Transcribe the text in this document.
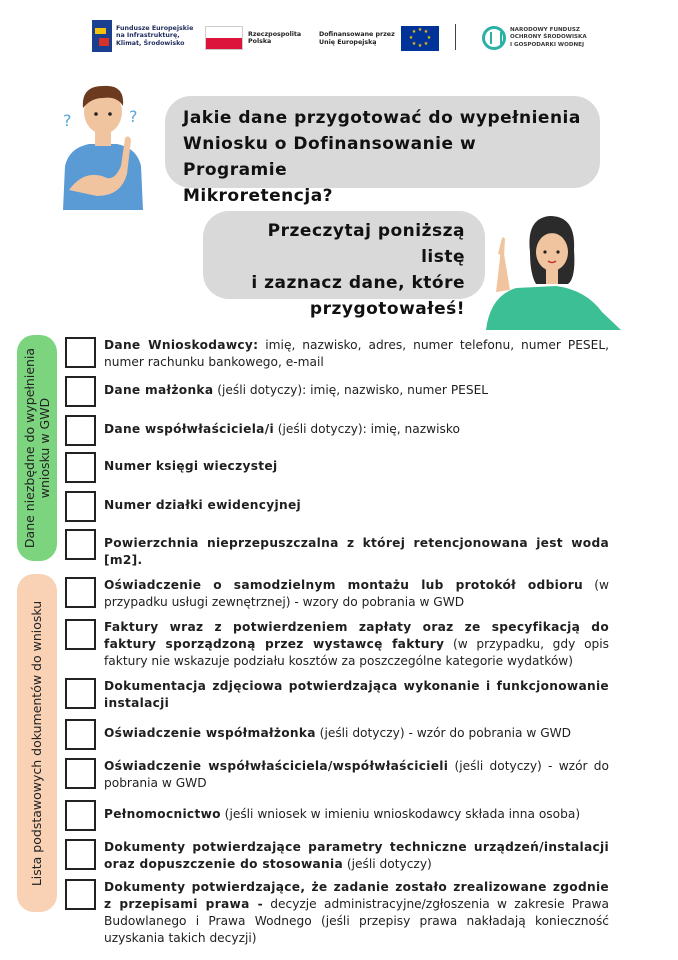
Fundusze Europejskie
na Infrastrukturę,
Klimat, Środowisko
Rzeczpospolita
Polska
Dofinansowane przez
Unię Europejską
★ ★
★
★
★
★
★
★	NARODOWY FUNDUSZ
OCHRONY ŚRODOWISKA
I GOSPODARKI WODNEJ
?	?	Jakie dane przygotować do wypełnienia
Wniosku o Dofinansowanie w Programie
Mikroretencja?
Przeczytaj poniższą listę
i zaznacz dane, które
przygotowałeś!
Dane niezbędne do wypełnienia wniosku w GWD
Lista podstawowych dokumentów do wniosku
Dane Wnioskodawcy: imię, nazwisko, adres, numer telefonu, numer PESEL, numer rachunku bankowego, e-mail
Dane małżonka (jeśli dotyczy): imię, nazwisko, numer PESEL
Dane współwłaściciela/i (jeśli dotyczy): imię, nazwisko
Numer księgi wieczystej
Numer działki ewidencyjnej
Powierzchnia nieprzepuszczalna z której retencjonowana jest woda [m2].
Oświadczenie o samodzielnym montażu lub protokół odbioru (w przypadku usługi zewnętrznej) - wzory do pobrania w GWD
Faktury wraz z potwierdzeniem zapłaty oraz ze specyfikacją do faktury sporządzoną przez wystawcę faktury (w przypadku, gdy opis faktury nie wskazuje podziału kosztów za poszczególne kategorie wydatków)
Dokumentacja zdjęciowa potwierdzająca wykonanie i funkcjonowanie instalacji
Oświadczenie współmałżonka (jeśli dotyczy) - wzór do pobrania w GWD
Oświadczenie współwłaściciela/współwłaścicieli (jeśli dotyczy) - wzór do pobrania w GWD
Pełnomocnictwo (jeśli wniosek w imieniu wnioskodawcy składa inna osoba)
Dokumenty potwierdzające parametry techniczne urządzeń/instalacji oraz dopuszczenie do stosowania (jeśli dotyczy)
Dokumenty potwierdzające, że zadanie zostało zrealizowane zgodnie z przepisami prawa - decyzje administracyjne/zgłoszenia w zakresie Prawa Budowlanego i Prawa Wodnego (jeśli przepisy prawa nakładają konieczność uzyskania takich decyzji)
